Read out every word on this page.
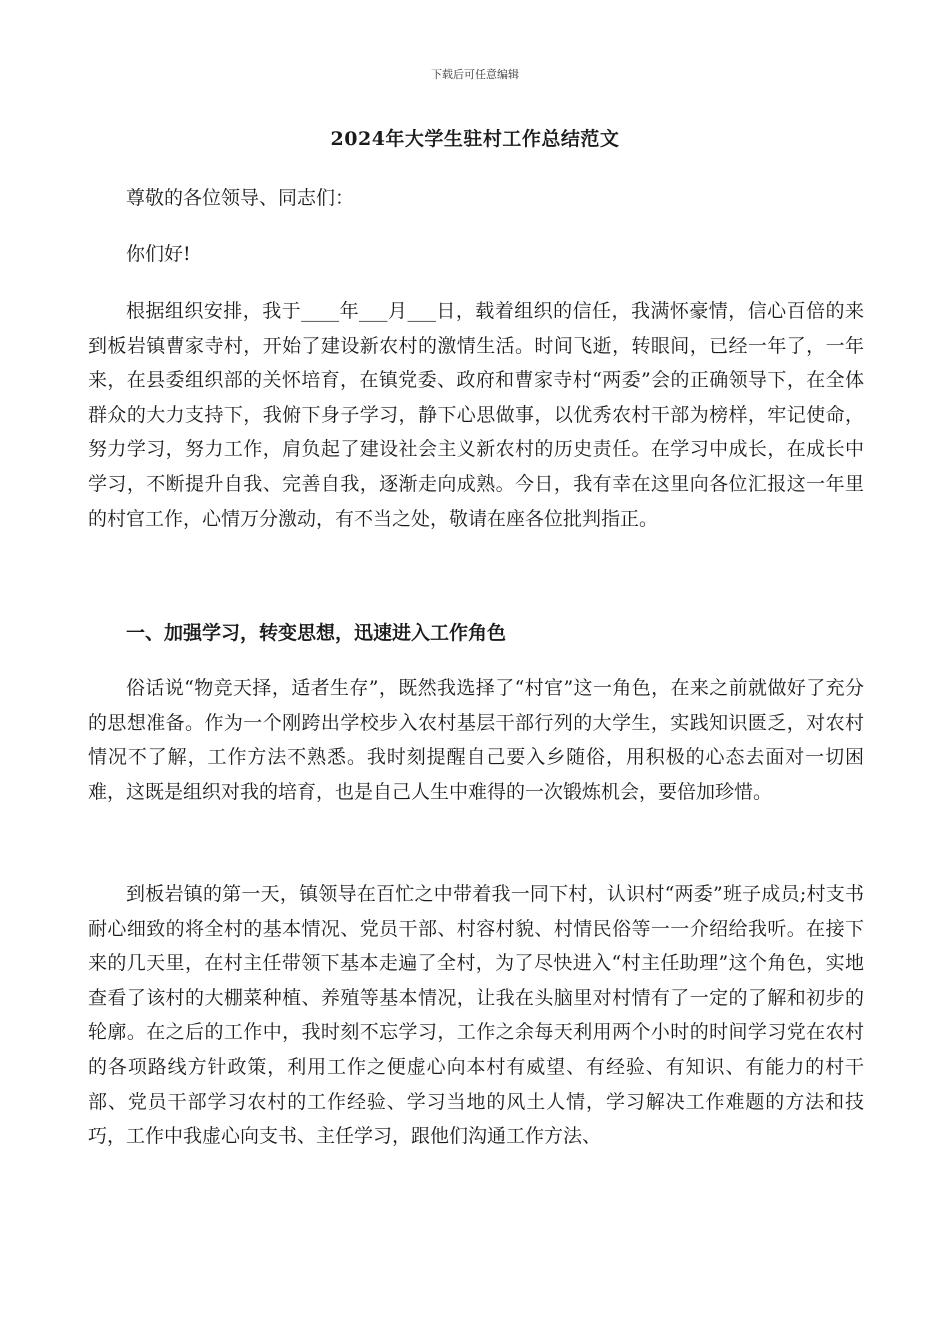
下载后可任意编辑
2024年大学生驻村工作总结范文

尊敬的各位领导、同志们：

你们好!

根据组织安排，我于____年___月___日，载着组织的信任，我满怀豪情，信心百倍的来到板岩镇曹家寺村，开始了建设新农村的激情生活。时间飞逝，转眼间，已经一年了，一年来，在县委组织部的关怀培育，在镇党委、政府和曹家寺村“两委”会的正确领导下，在全体群众的大力支持下，我俯下身子学习，静下心思做事，以优秀农村干部为榜样，牢记使命，努力学习，努力工作，肩负起了建设社会主义新农村的历史责任。在学习中成长，在成长中学习，不断提升自我、完善自我，逐渐走向成熟。今日，我有幸在这里向各位汇报这一年里的村官工作，心情万分激动，有不当之处，敬请在座各位批判指正。

一、加强学习，转变思想，迅速进入工作角色

俗话说“物竞天择，适者生存”，既然我选择了“村官”这一角色，在来之前就做好了充分的思想准备。作为一个刚跨出学校步入农村基层干部行列的大学生，实践知识匮乏，对农村情况不了解，工作方法不熟悉。我时刻提醒自己要入乡随俗，用积极的心态去面对一切困难，这既是组织对我的培育，也是自己人生中难得的一次锻炼机会，要倍加珍惜。

到板岩镇的第一天，镇领导在百忙之中带着我一同下村，认识村“两委”班子成员;村支书耐心细致的将全村的基本情况、党员干部、村容村貌、村情民俗等一一介绍给我听。在接下来的几天里，在村主任带领下基本走遍了全村，为了尽快进入“村主任助理”这个角色，实地查看了该村的大棚菜种植、养殖等基本情况，让我在头脑里对村情有了一定的了解和初步的轮廓。在之后的工作中，我时刻不忘学习，工作之余每天利用两个小时的时间学习党在农村的各项路线方针政策，利用工作之便虚心向本村有威望、有经验、有知识、有能力的村干部、党员干部学习农村的工作经验、学习当地的风土人情，学习解决工作难题的方法和技巧，工作中我虚心向支书、主任学习，跟他们沟通工作方法、
